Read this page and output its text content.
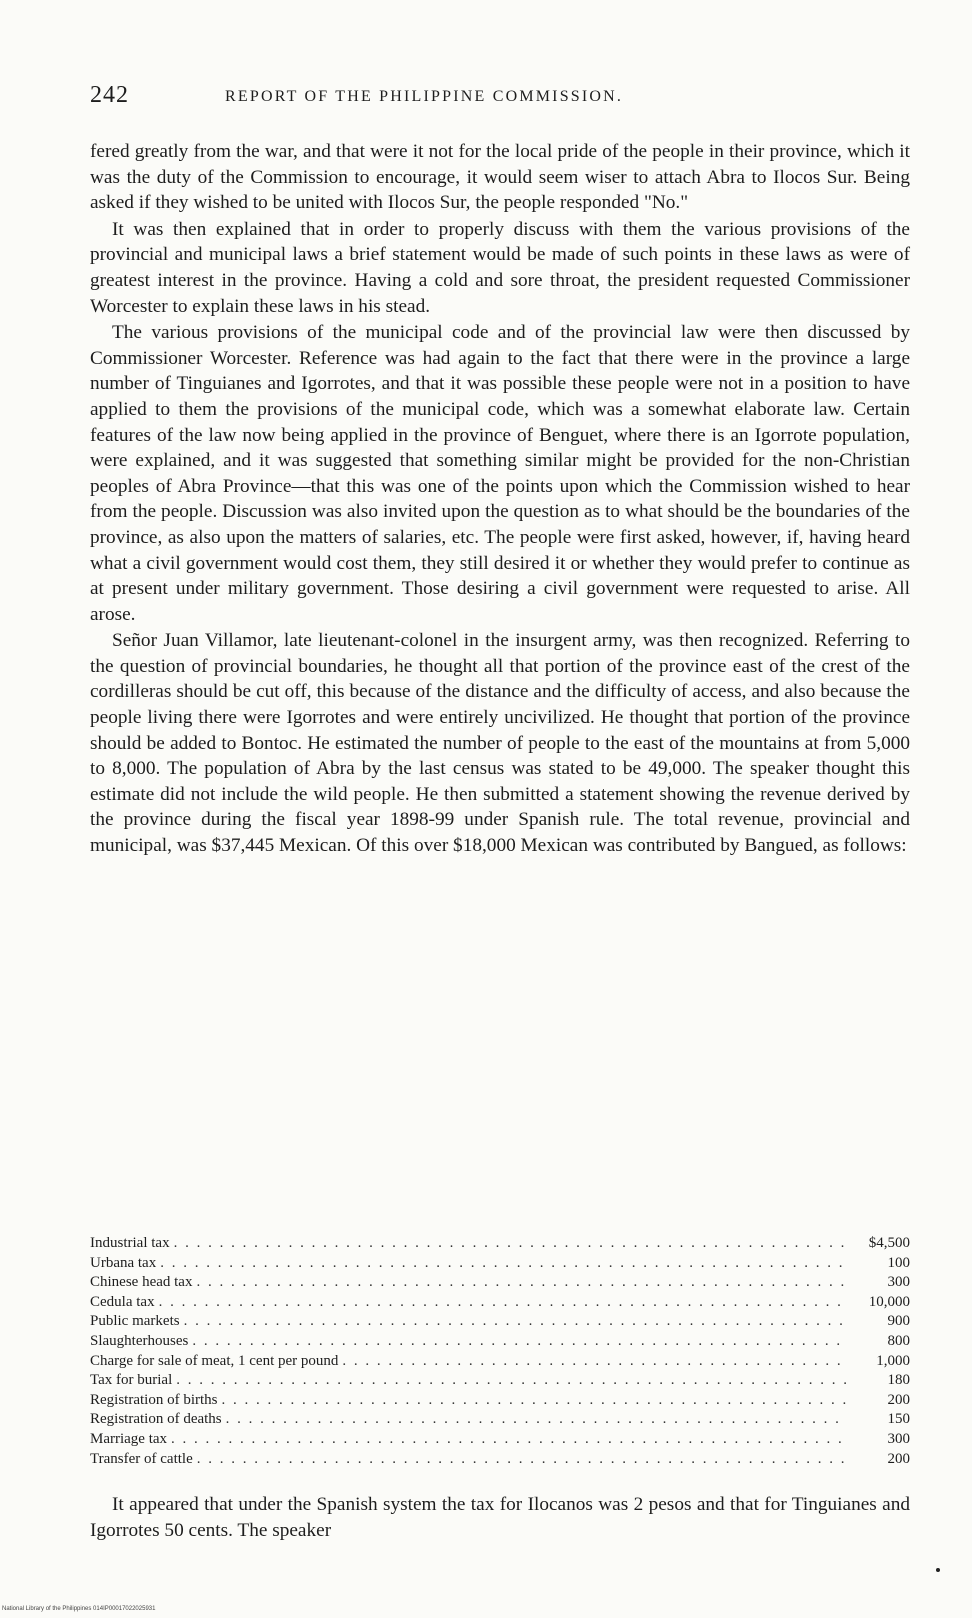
242	REPORT OF THE PHILIPPINE COMMISSION.

fered greatly from the war, and that were it not for the local pride of the people in their province, which it was the duty of the Commission to encourage, it would seem wiser to attach Abra to Ilocos Sur. Being asked if they wished to be united with Ilocos Sur, the people responded "No."

It was then explained that in order to properly discuss with them the various provisions of the provincial and municipal laws a brief statement would be made of such points in these laws as were of greatest interest in the province. Having a cold and sore throat, the president requested Commissioner Worcester to explain these laws in his stead.

The various provisions of the municipal code and of the provincial law were then discussed by Commissioner Worcester. Reference was had again to the fact that there were in the province a large number of Tinguianes and Igorrotes, and that it was possible these people were not in a position to have applied to them the provisions of the municipal code, which was a somewhat elaborate law. Certain features of the law now being applied in the province of Benguet, where there is an Igorrote population, were explained, and it was suggested that something similar might be provided for the non-Christian peoples of Abra Province—that this was one of the points upon which the Commission wished to hear from the people. Discussion was also invited upon the question as to what should be the boundaries of the province, as also upon the matters of salaries, etc. The people were first asked, however, if, having heard what a civil government would cost them, they still desired it or whether they would prefer to continue as at present under military government. Those desiring a civil government were requested to arise. All arose.

Señor Juan Villamor, late lieutenant-colonel in the insurgent army, was then recognized. Referring to the question of provincial boundaries, he thought all that portion of the province east of the crest of the cordilleras should be cut off, this because of the distance and the difficulty of access, and also because the people living there were Igorrotes and were entirely uncivilized. He thought that portion of the province should be added to Bontoc. He estimated the number of people to the east of the mountains at from 5,000 to 8,000. The population of Abra by the last census was stated to be 49,000. The speaker thought this estimate did not include the wild people. He then submitted a statement showing the revenue derived by the province during the fiscal year 1898-99 under Spanish rule. The total revenue, provincial and municipal, was $37,445 Mexican. Of this over $18,000 Mexican was contributed by Bangued, as follows:

Industrial tax . . .	$4,500
Urbana tax . . .	100
Chinese head tax . . .	300
Cedula tax . . .	10,000
Public markets . . .	900
Slaughterhouses . . .	800
Charge for sale of meat, 1 cent per pound . . .	1,000
Tax for burial . . .	180
Registration of births . . .	200
Registration of deaths . . .	150
Marriage tax . . .	300
Transfer of cattle . . .	200

It appeared that under the Spanish system the tax for Ilocanos was 2 pesos and that for Tinguianes and Igorrotes 50 cents. The speaker

National Library of the Philippines 014IP00017022025931
